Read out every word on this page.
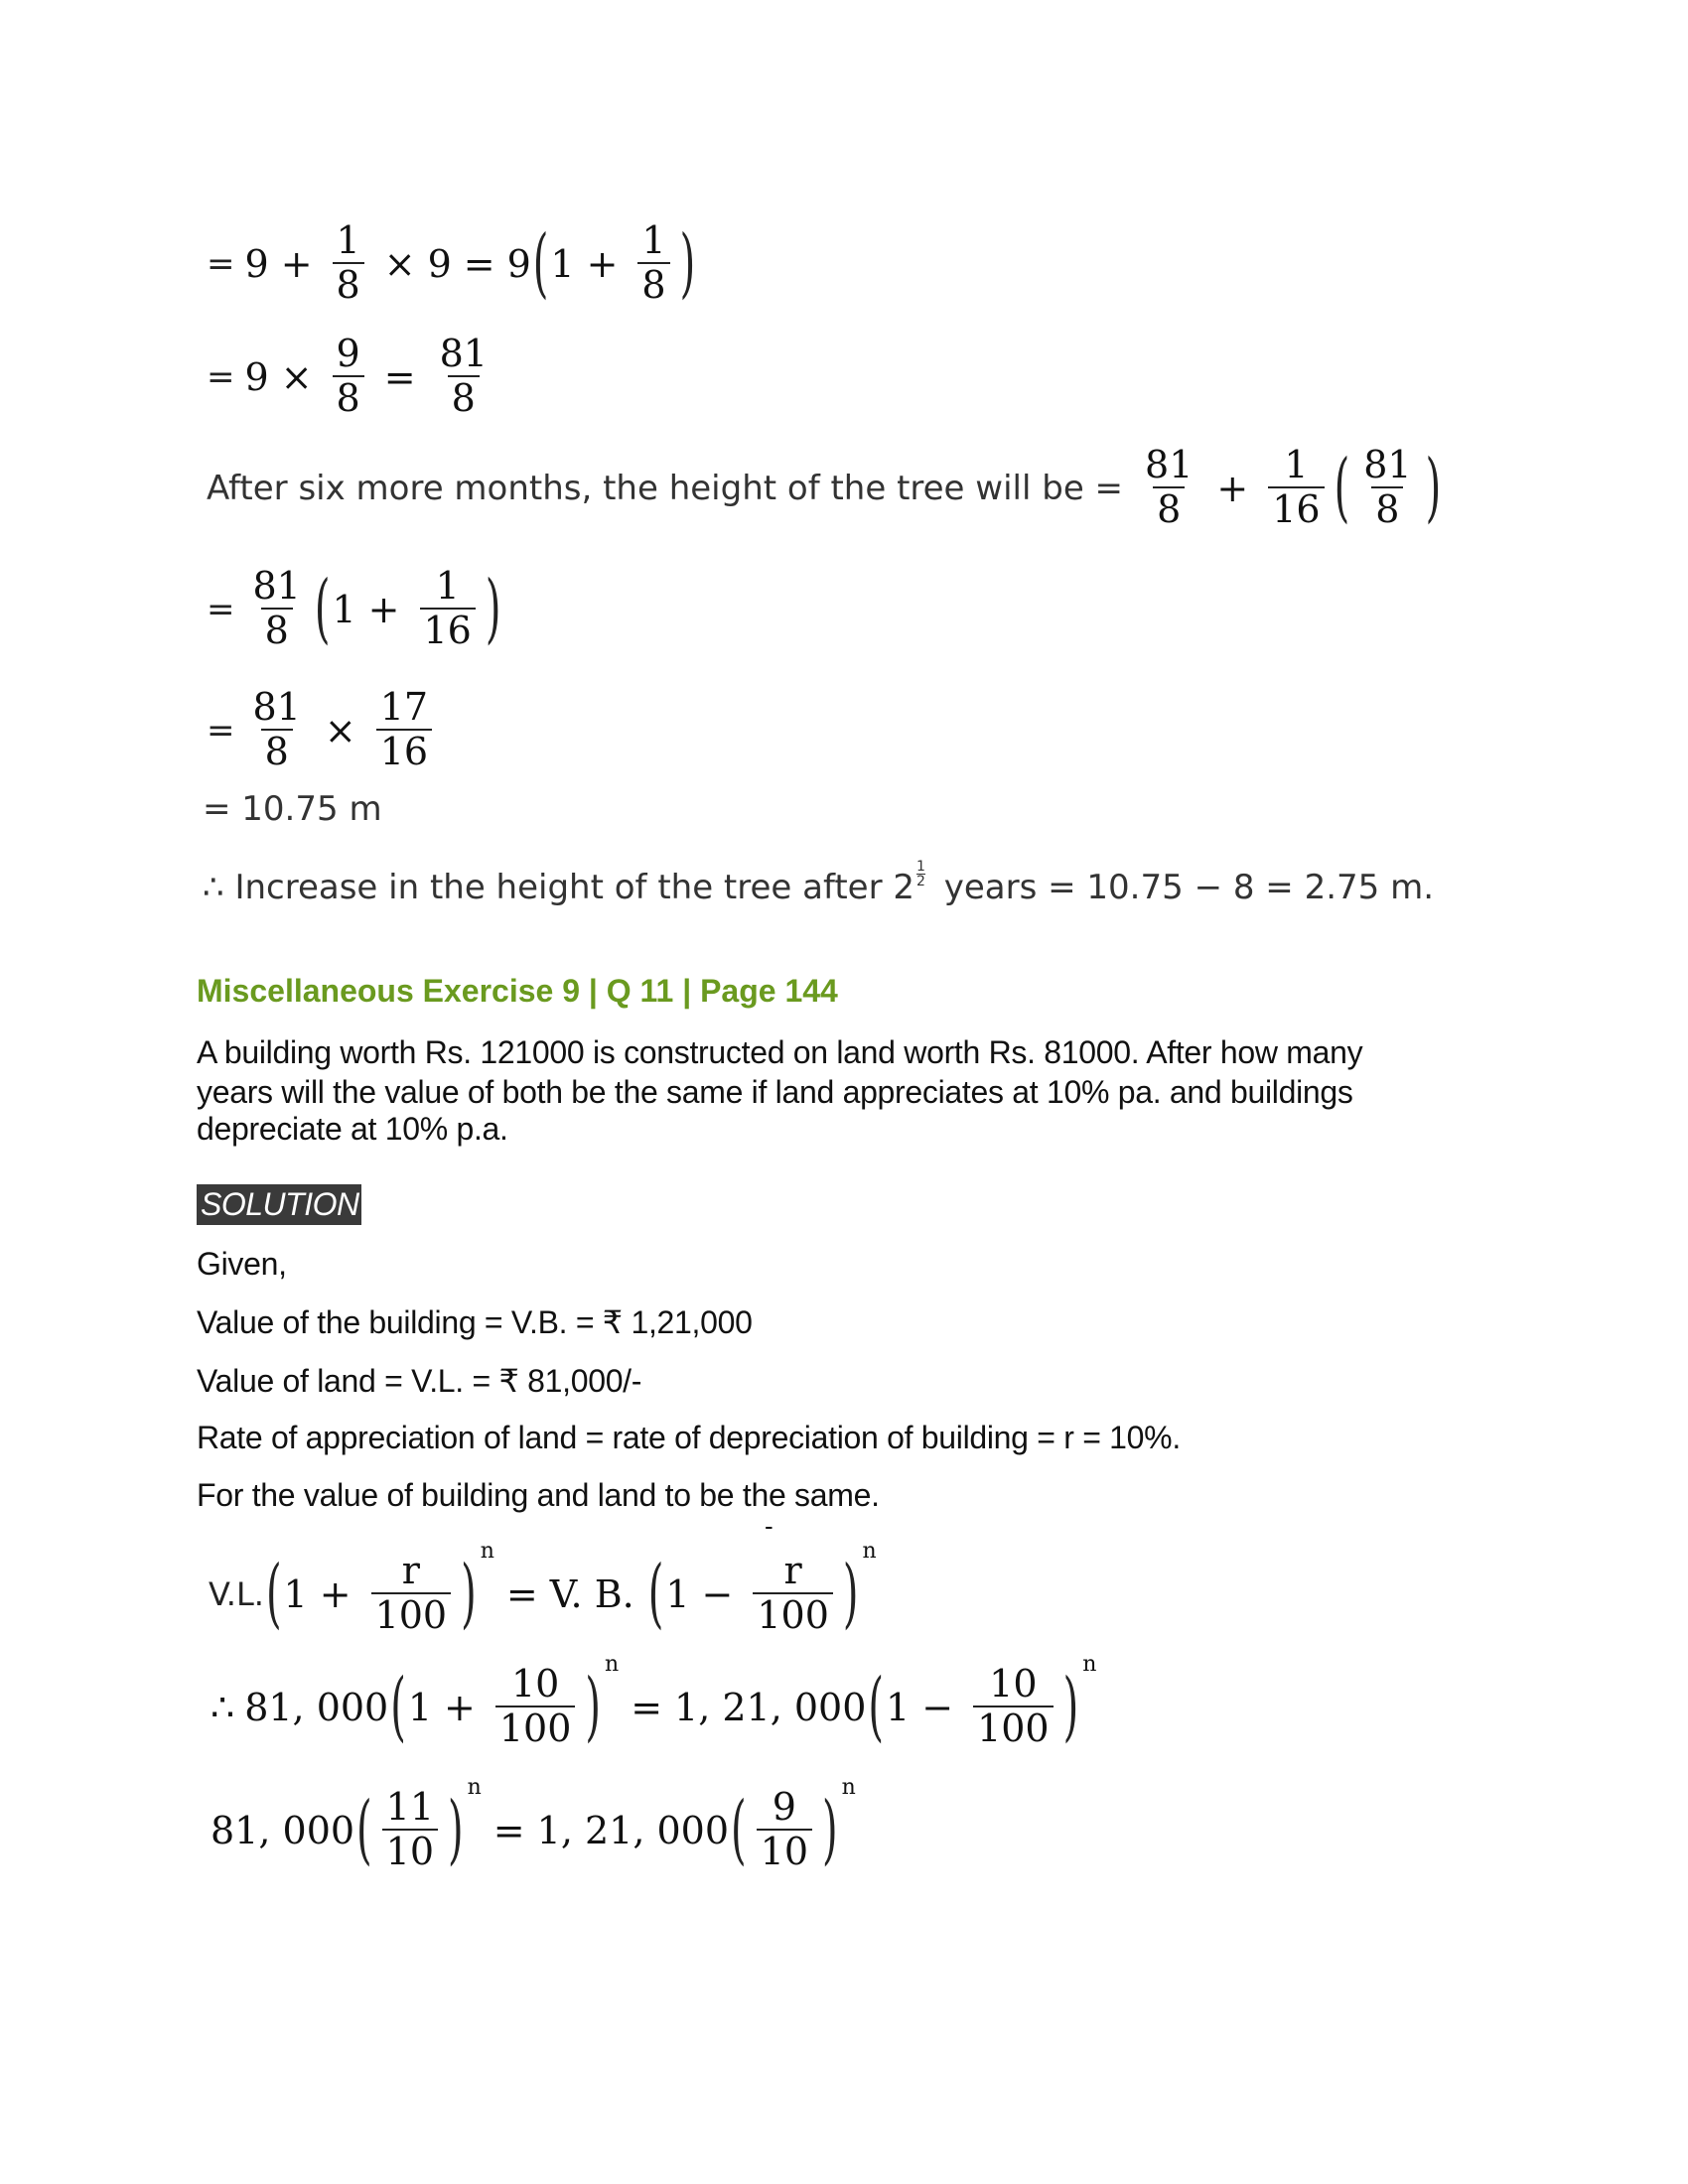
= $9 + \frac{1}{8} \times 9 = 9$ ( $1 + \frac{1}{8}$ )
= $9 \times \frac{9}{8} = \frac{81}{8}$
After six more months, the height of the tree will be = $\frac{81}{8} + \frac{1}{16}$ ( $\frac{81}{8}$ )
= $\frac{81}{8}$ ( $1 + \frac{1}{16}$ )
= $\frac{81}{8} \times \frac{17}{16}$
= 10.75 m
∴ Increase in the height of the tree after $2 \frac{1}{2}$ years = 10.75 − 8 = 2.75 m.
Miscellaneous Exercise 9 | Q 11 | Page 144
A building worth Rs. 121000 is constructed on land worth Rs. 81000. After how many
years will the value of both be the same if land appreciates at 10% pa. and buildings
depreciate at 10% p.a.
SOLUTION
Given,
Value of the building = V.B. = ₹ 1,21,000
Value of land = V.L. = ₹ 81,000/-
Rate of appreciation of land = rate of depreciation of building = r = 10%.
For the value of building and land to be the same.
-
V.L. ( $1 + \frac{r}{100}$ ) n
= V. B. ( $1 - \frac{r}{100}$ ) n
∴ 81, 000 ( $1 + \frac{10}{100}$ ) n
= 1, 21, 000 ( $1 - \frac{10}{100}$ ) n
81, 000 ( $\frac{11}{10}$ ) n
= 1, 21, 000 ( $\frac{9}{10}$ ) n
